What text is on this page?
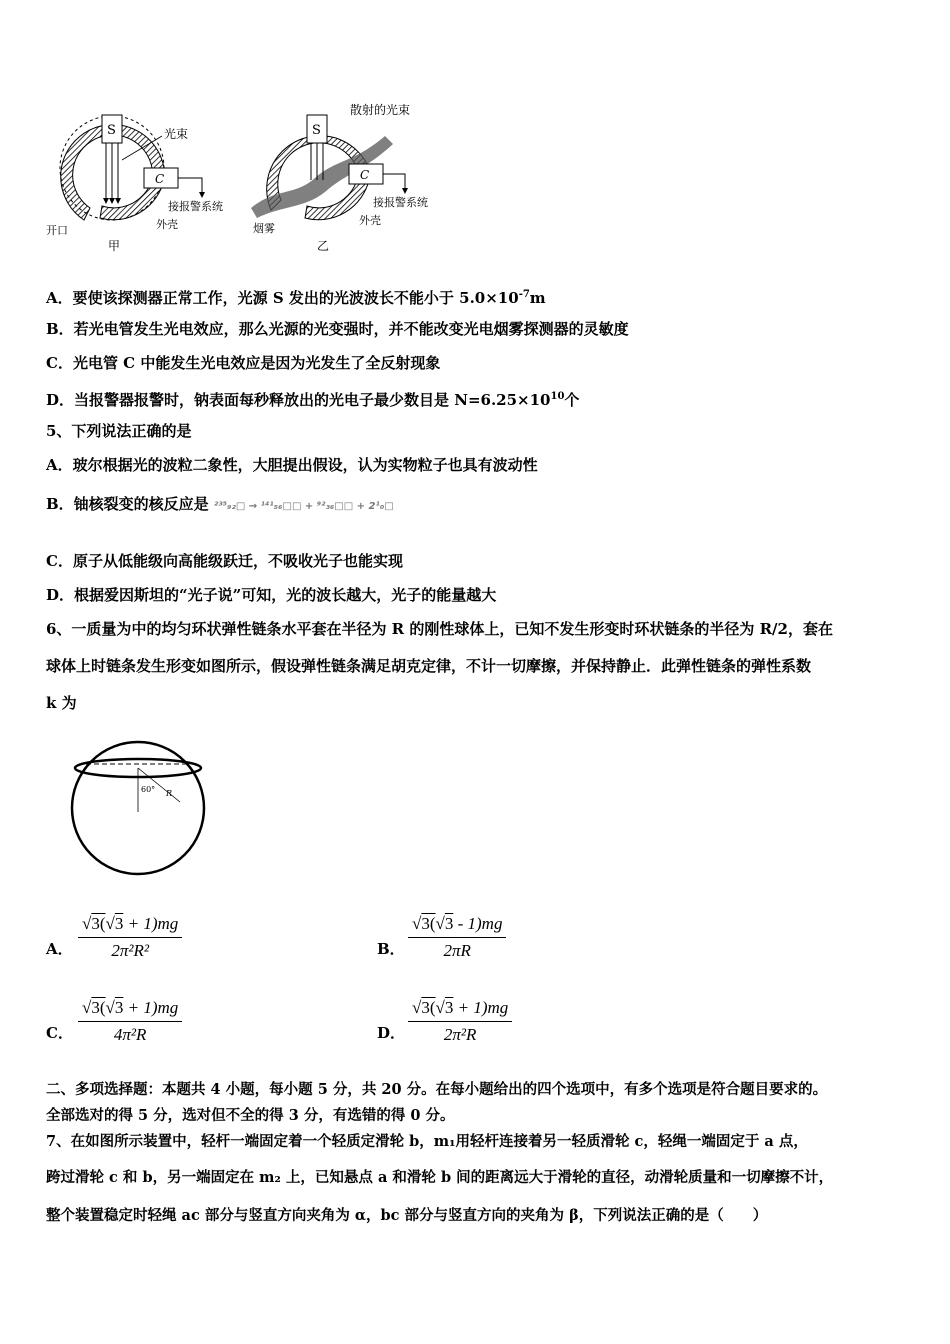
S
C
光束
接报警系统
外壳
开口
甲
S
C
散射的光束
接报警系统
外壳
烟雾
乙
A．要使该探测器正常工作，光源 S 发出的光波波长不能小于 $5.0\times 10^{-7}m$
B．若光电管发生光电效应，那么光源的光变强时，并不能改变光电烟雾探测器的灵敏度
C．光电管 C 中能发生光电效应是因为光发生了全反射现象
D．当报警器报警时，钠表面每秒释放出的光电子最少数目是 $N=6.25\times 10^{10}$个
5、下列说法正确的是
A．玻尔根据光的波粒二象性，大胆提出假设，认为实物粒子也具有波动性
B．铀核裂变的核反应是 ²³⁵₉₂□ → ¹⁴¹₅₆□□ + ⁹²₃₆□□ + 2¹₀□
C．原子从低能级向高能级跃迁，不吸收光子也能实现
D．根据爱因斯坦的“光子说”可知，光的波长越大，光子的能量越大
6、一质量为中的均匀环状弹性链条水平套在半径为 R 的刚性球体上，已知不发生形变时环状链条的半径为 R/2，套在
球体上时链条发生形变如图所示，假设弹性链条满足胡克定律，不计一切摩擦，并保持静止．此弹性链条的弹性系数
k 为
60° R
A． $\frac{√3(√3 + 1)mg}{\text{2π²R²}}$	B． $\frac{√3(√3 - 1)mg}{2\pi R}$
C． $\frac{√3(√3 + 1)mg}{\text{4π²R}}$	D． $\frac{√3(√3 + 1)mg}{\text{2π²R}}$
二、多项选择题：本题共 4 小题，每小题 5 分，共 20 分。在每小题给出的四个选项中，有多个选项是符合题目要求的。
全部选对的得 5 分，选对但不全的得 3 分，有选错的得 0 分。
7、在如图所示装置中，轻杆一端固定着一个轻质定滑轮 b，m₁用轻杆连接着另一轻质滑轮 c，轻绳一端固定于 a 点，
跨过滑轮 c 和 b，另一端固定在 m₂ 上，已知悬点 a 和滑轮 b 间的距离远大于滑轮的直径，动滑轮质量和一切摩擦不计，
整个装置稳定时轻绳 ac 部分与竖直方向夹角为 α，bc 部分与竖直方向的夹角为 β，下列说法正确的是（　　）
